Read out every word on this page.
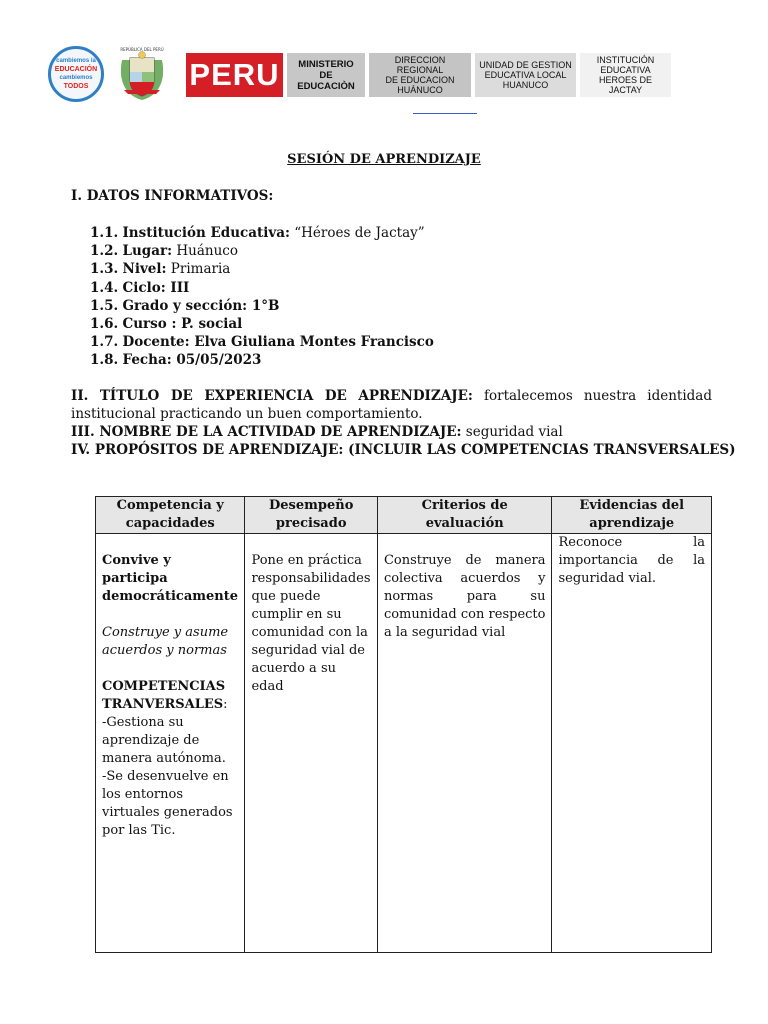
cambiemos la
EDUCACIÓN
cambiemos
TODOS
REPÚBLICA DEL PERÚ
PERU	MINISTERIO
DE
EDUCACIÒN
DIRECCION
REGIONAL
DE EDUCACION
HUÁNUCO
UNIDAD DE GESTION
EDUCATIVA LOCAL
HUANUCO
INSTITUCIÓN
EDUCATIVA
HEROES DE
JACTAY
SESIÓN DE APRENDIZAJE
I. DATOS INFORMATIVOS:
1.1. Institución Educativa: “Héroes de Jactay”
1.2. Lugar: Huánuco
1.3. Nivel: Primaria
1.4. Ciclo: III
1.5. Grado y sección: 1°B
1.6. Curso : P. social
1.7. Docente: Elva Giuliana Montes Francisco
1.8. Fecha: 05/05/2023
II. TÍTULO DE EXPERIENCIA DE APRENDIZAJE: fortalecemos nuestra identidad institucional practicando un buen comportamiento.
III. NOMBRE DE LA ACTIVIDAD DE APRENDIZAJE: seguridad vial
IV. PROPÓSITOS DE APRENDIZAJE: (INCLUIR LAS COMPETENCIAS TRANSVERSALES)
Competencia y capacidades	Desempeño precisado	Criterios de evaluación	Evidencias del aprendizaje

Convive y participa democráticamente
Construye y asume acuerdos y normas
COMPETENCIAS TRANVERSALES:
-Gestiona su aprendizaje de manera autónoma.
-Se desenvuelve en los entornos virtuales generados por las Tic.	Pone en práctica responsabilidades que puede cumplir en su comunidad con la seguridad vial de acuerdo a su edad	Construye de manera colectiva acuerdos y normas para su comunidad con respecto a la seguridad vial	Reconoce la importancia de la seguridad vial.
